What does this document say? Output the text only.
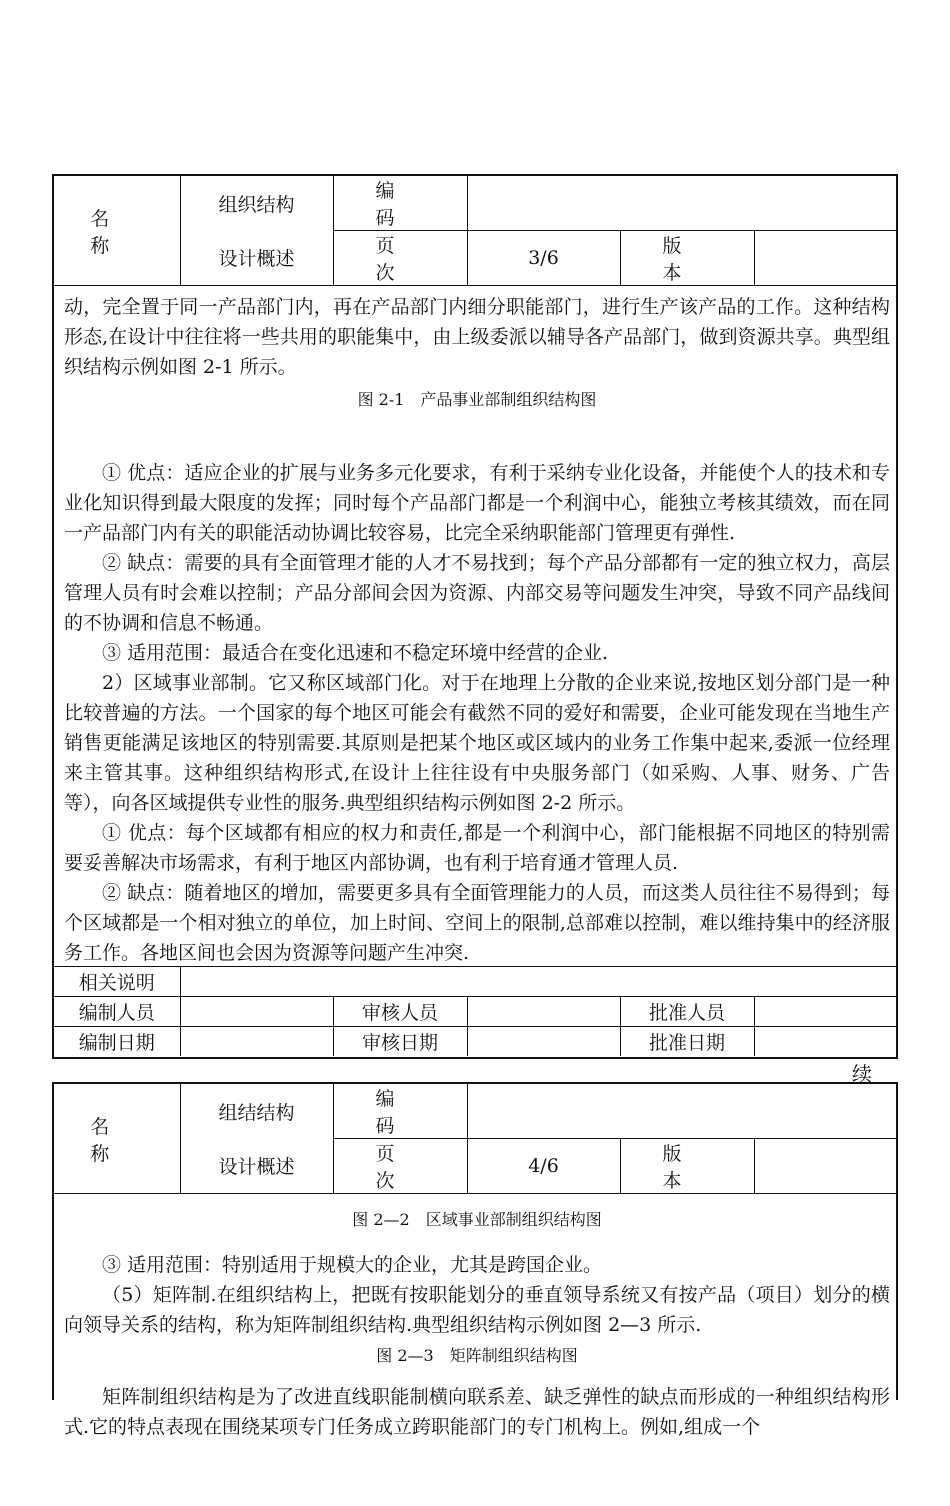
名 称	组织结构	编 码			
	设计概述	页 次	3/6	版 本	

动，完全置于同一产品部门内，再在产品部门内细分职能部门，进行生产该产品的工作。这种结构形态,在设计中往往将一些共用的职能集中，由上级委派以辅导各产品部门，做到资源共享。典型组织结构示例如图 2-1 所示。

图 2-1　产品事业部制组织结构图

① 优点：适应企业的扩展与业务多元化要求，有利于采纳专业化设备，并能使个人的技术和专业化知识得到最大限度的发挥；同时每个产品部门都是一个利润中心，能独立考核其绩效，而在同一产品部门内有关的职能活动协调比较容易，比完全采纳职能部门管理更有弹性.

② 缺点：需要的具有全面管理才能的人才不易找到；每个产品分部都有一定的独立权力，高层管理人员有时会难以控制；产品分部间会因为资源、内部交易等问题发生冲突，导致不同产品线间的不协调和信息不畅通。

③ 适用范围：最适合在变化迅速和不稳定环境中经营的企业.

2）区域事业部制。它又称区域部门化。对于在地理上分散的企业来说,按地区划分部门是一种比较普遍的方法。一个国家的每个地区可能会有截然不同的爱好和需要，企业可能发现在当地生产销售更能满足该地区的特别需要.其原则是把某个地区或区域内的业务工作集中起来,委派一位经理来主管其事。这种组织结构形式,在设计上往往设有中央服务部门（如采购、人事、财务、广告等），向各区域提供专业性的服务.典型组织结构示例如图 2-2 所示。

① 优点：每个区域都有相应的权力和责任,都是一个利润中心，部门能根据不同地区的特别需要妥善解决市场需求，有利于地区内部协调，也有利于培育通才管理人员.

② 缺点：随着地区的增加，需要更多具有全面管理能力的人员，而这类人员往往不易得到；每个区域都是一个相对独立的单位，加上时间、空间上的限制,总部难以控制，难以维持集中的经济服务工作。各地区间也会因为资源等问题产生冲突.

相关说明					
编制人员		审核人员		批准人员	
编制日期		审核日期		批准日期	
续
名 称	组结结构	编 码			
	设计概述	页 次	4/6	版 本	

图 2—2　区域事业部制组织结构图

③ 适用范围：特别适用于规模大的企业，尤其是跨国企业。

（5）矩阵制.在组织结构上，把既有按职能划分的垂直领导系统又有按产品（项目）划分的横向领导关系的结构，称为矩阵制组织结构.典型组织结构示例如图 2—3 所示.

图 2—3　矩阵制组织结构图

矩阵制组织结构是为了改进直线职能制横向联系差、缺乏弹性的缺点而形成的一种组织结构形式.它的特点表现在围绕某项专门任务成立跨职能部门的专门机构上。例如,组成一个
